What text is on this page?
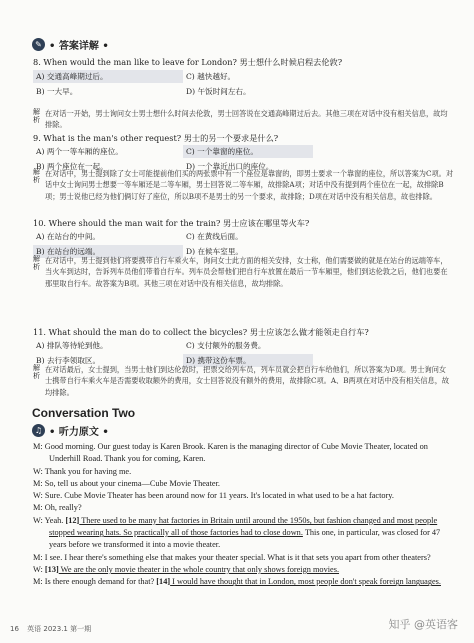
✎ • 答案详解 •
8. When would the man like to leave for London? 男士想什么时候启程去伦敦?
A) 交通高峰期过后。	C) 越快越好。
B) 一大早。	D) 午饭时间左右。
解析
在对话一开始，男士询问女士男士想什么时间去伦敦，男士回答说在交通高峰期过后去。其他三项在对话中没有相关信息，故均排除。
9. What is the man's other request? 男士的另一个要求是什么?
A) 两个一等车厢的座位。	C) 一个靠窗的座位。
B) 两个座位在一起。	D) 一个靠近出口的座位。
解析
在对话中，男士提到除了女士可能提前他们买的两张票中有一个座位是靠窗的，即男士要求一个靠窗的座位，所以答案为C项。对话中女士询问男士想要一等车厢还是二等车厢，男士回答说二等车厢，故排除A项；对话中没有提到两个座位在一起，故排除B项；男士说他已经为他们俩订好了座位，所以B项不是男士的另一个要求，故排除；D项在对话中没有相关信息，故也排除。
10. Where should the man wait for the train? 男士应该在哪里等火车?
A) 在站台的中间。	C) 在黄线后面。
B) 在站台的远端。	D) 在候车室里。
解析
在对话中，男士提到他们将要携带自行车乘火车，询问女士此方面的相关安排，女士称，他们需要做的就是在站台的远端等车，当火车到达时，告诉列车员他们带着自行车。列车员会帮他们把自行车放置在最后一节车厢里，他们到达伦敦之后，他们也要在那里取自行车。故答案为B项。其他三项在对话中没有相关信息，故均排除。
11. What should the man do to collect the bicycles? 男士应该怎么做才能领走自行车?
A) 排队等待轮到他。	C) 支付额外的服务费。
B) 去行李领取区。	D) 携带这份车票。
解析
在对话最后，女士提到，当男士他们到达伦敦时，把票交给列车员，列车员就会把自行车给他们，所以答案为D项。男士询问女士携带自行车乘火车是否需要收取额外的费用，女士回答说没有额外的费用，故排除C项。A、B两项在对话中没有相关信息，故均排除。
Conversation Two
♫ • 听力原文 •
M: Good morning. Our guest today is Karen Brook. Karen is the managing director of Cube Movie Theater, located on Underhill Road. Thank you for coming, Karen.
W: Thank you for having me.
M: So, tell us about your cinema—Cube Movie Theater.
W: Sure. Cube Movie Theater has been around now for 11 years. It's located in what used to be a hat factory.
M: Oh, really?
W: Yeah. [12] There used to be many hat factories in Britain until around the 1950s, but fashion changed and most people stopped wearing hats. So practically all of those factories had to close down. This one, in particular, was closed for 47 years before we transformed it into a movie theater.
M: I see. I hear there's something else that makes your theater special. What is it that sets you apart from other theaters?
W: [13] We are the only movie theater in the whole country that only shows foreign movies.
M: Is there enough demand for that? [14] I would have thought that in London, most people don't speak foreign languages.
16 英语 2023.1 第一期	知乎 @英语客
